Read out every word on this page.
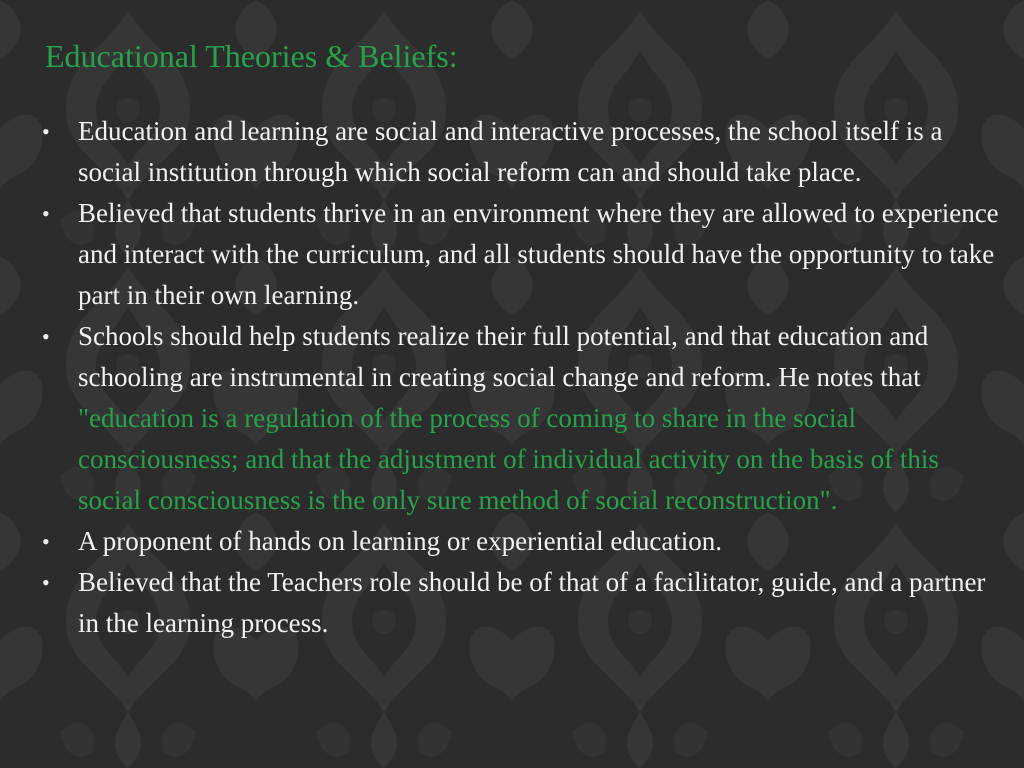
Educational Theories & Beliefs:
• Education and learning are social and interactive processes, the school itself is a social institution through which social reform can and should take place.
• Believed that students thrive in an environment where they are allowed to experience and interact with the curriculum, and all students should have the opportunity to take part in their own learning.
• Schools should help students realize their full potential, and that education and schooling are instrumental in creating social change and reform. He notes that "education is a regulation of the process of coming to share in the social consciousness; and that the adjustment of individual activity on the basis of this social consciousness is the only sure method of social reconstruction".
• A proponent of hands on learning or experiential education.
• Believed that the Teachers role should be of that of a facilitator, guide, and a partner in the learning process.
